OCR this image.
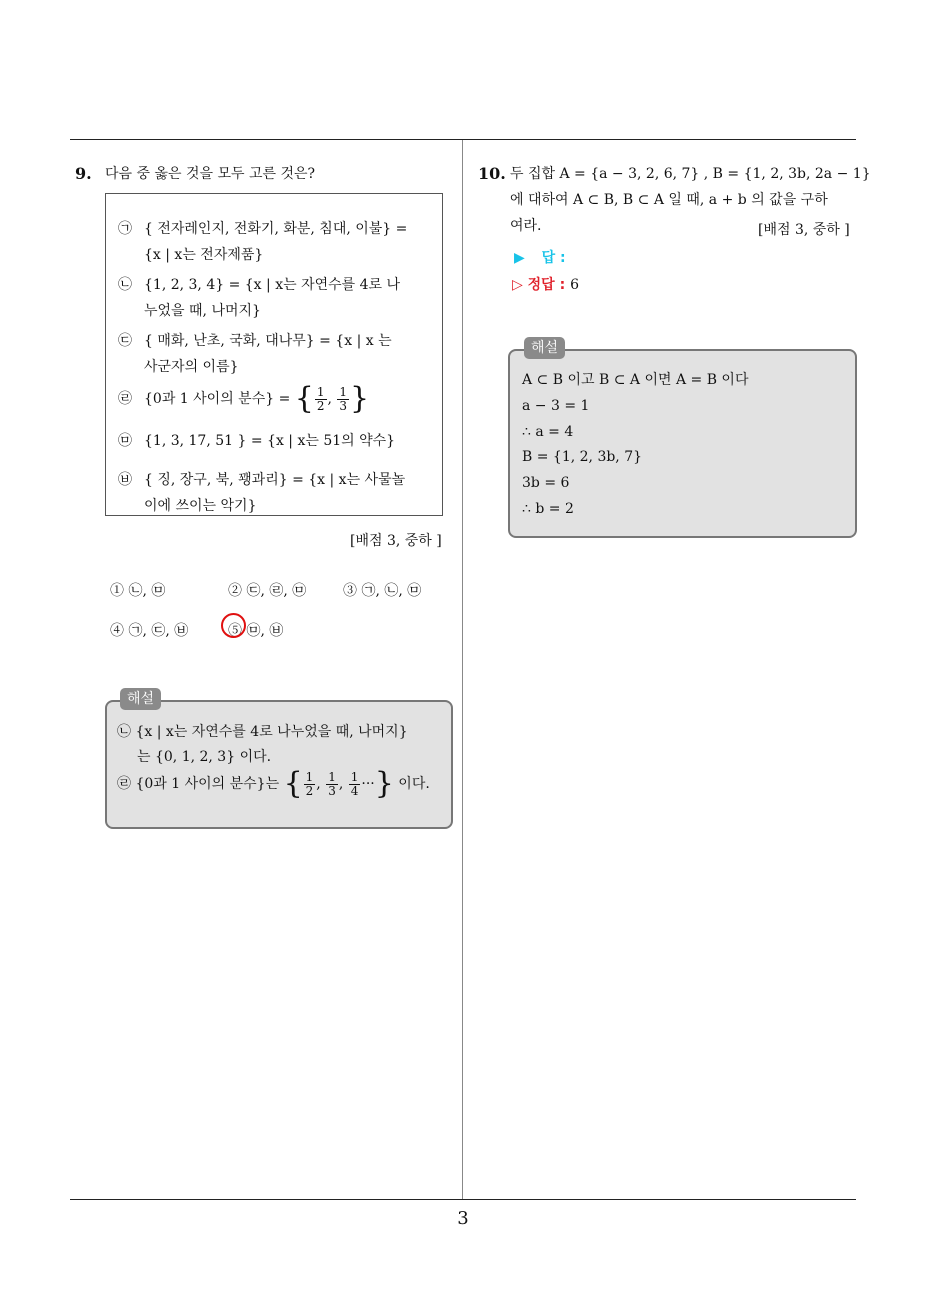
9. 다음 중 옳은 것을 모두 고른 것은?
㉠ { 전자레인지, 전화기, 화분, 침대, 이불} =
{x | x는 전자제품}
㉡ {1, 2, 3, 4} = {x | x는 자연수를 4로 나
누었을 때, 나머지}
㉢ { 매화, 난초, 국화, 대나무} = {x | x 는
사군자의 이름}
㉣ {0과 1 사이의 분수} = { $\frac{1}{2}$ , $\frac{1}{3}$ }
㉤ {1, 3, 17, 51 } = {x | x는 51의 약수}
㉥ { 징, 장구, 북, 꽹과리} = {x | x는 사물놀
이에 쓰이는 악기}
[배점 3, 중하 ]
① ㉡, ㉤	② ㉢, ㉣, ㉤	③ ㉠, ㉡, ㉤
④ ㉠, ㉢, ㉥	⑤ ㉤, ㉥
해설
㉡ {x | x는 자연수를 4로 나누었을 때, 나머지}
는 {0, 1, 2, 3} 이다.
㉣ {0과 1 사이의 분수}는 { $\frac{1}{2}$ , $\frac{1}{3}$ , $\frac{1}{4}$ ···} 이다.
10. 두 집합 A = {a − 3, 2, 6, 7} , B = {1, 2, 3b, 2a − 1}
에 대하여 A ⊂ B, B ⊂ A 일 때, a + b 의 값을 구하
여라.	[배점 3, 중하 ]
▶ 답 :
▷ 정답 : 6
해설
A ⊂ B 이고 B ⊂ A 이면 A = B 이다
a − 3 = 1
∴ a = 4
B = {1, 2, 3b, 7}
3b = 6
∴ b = 2
3
